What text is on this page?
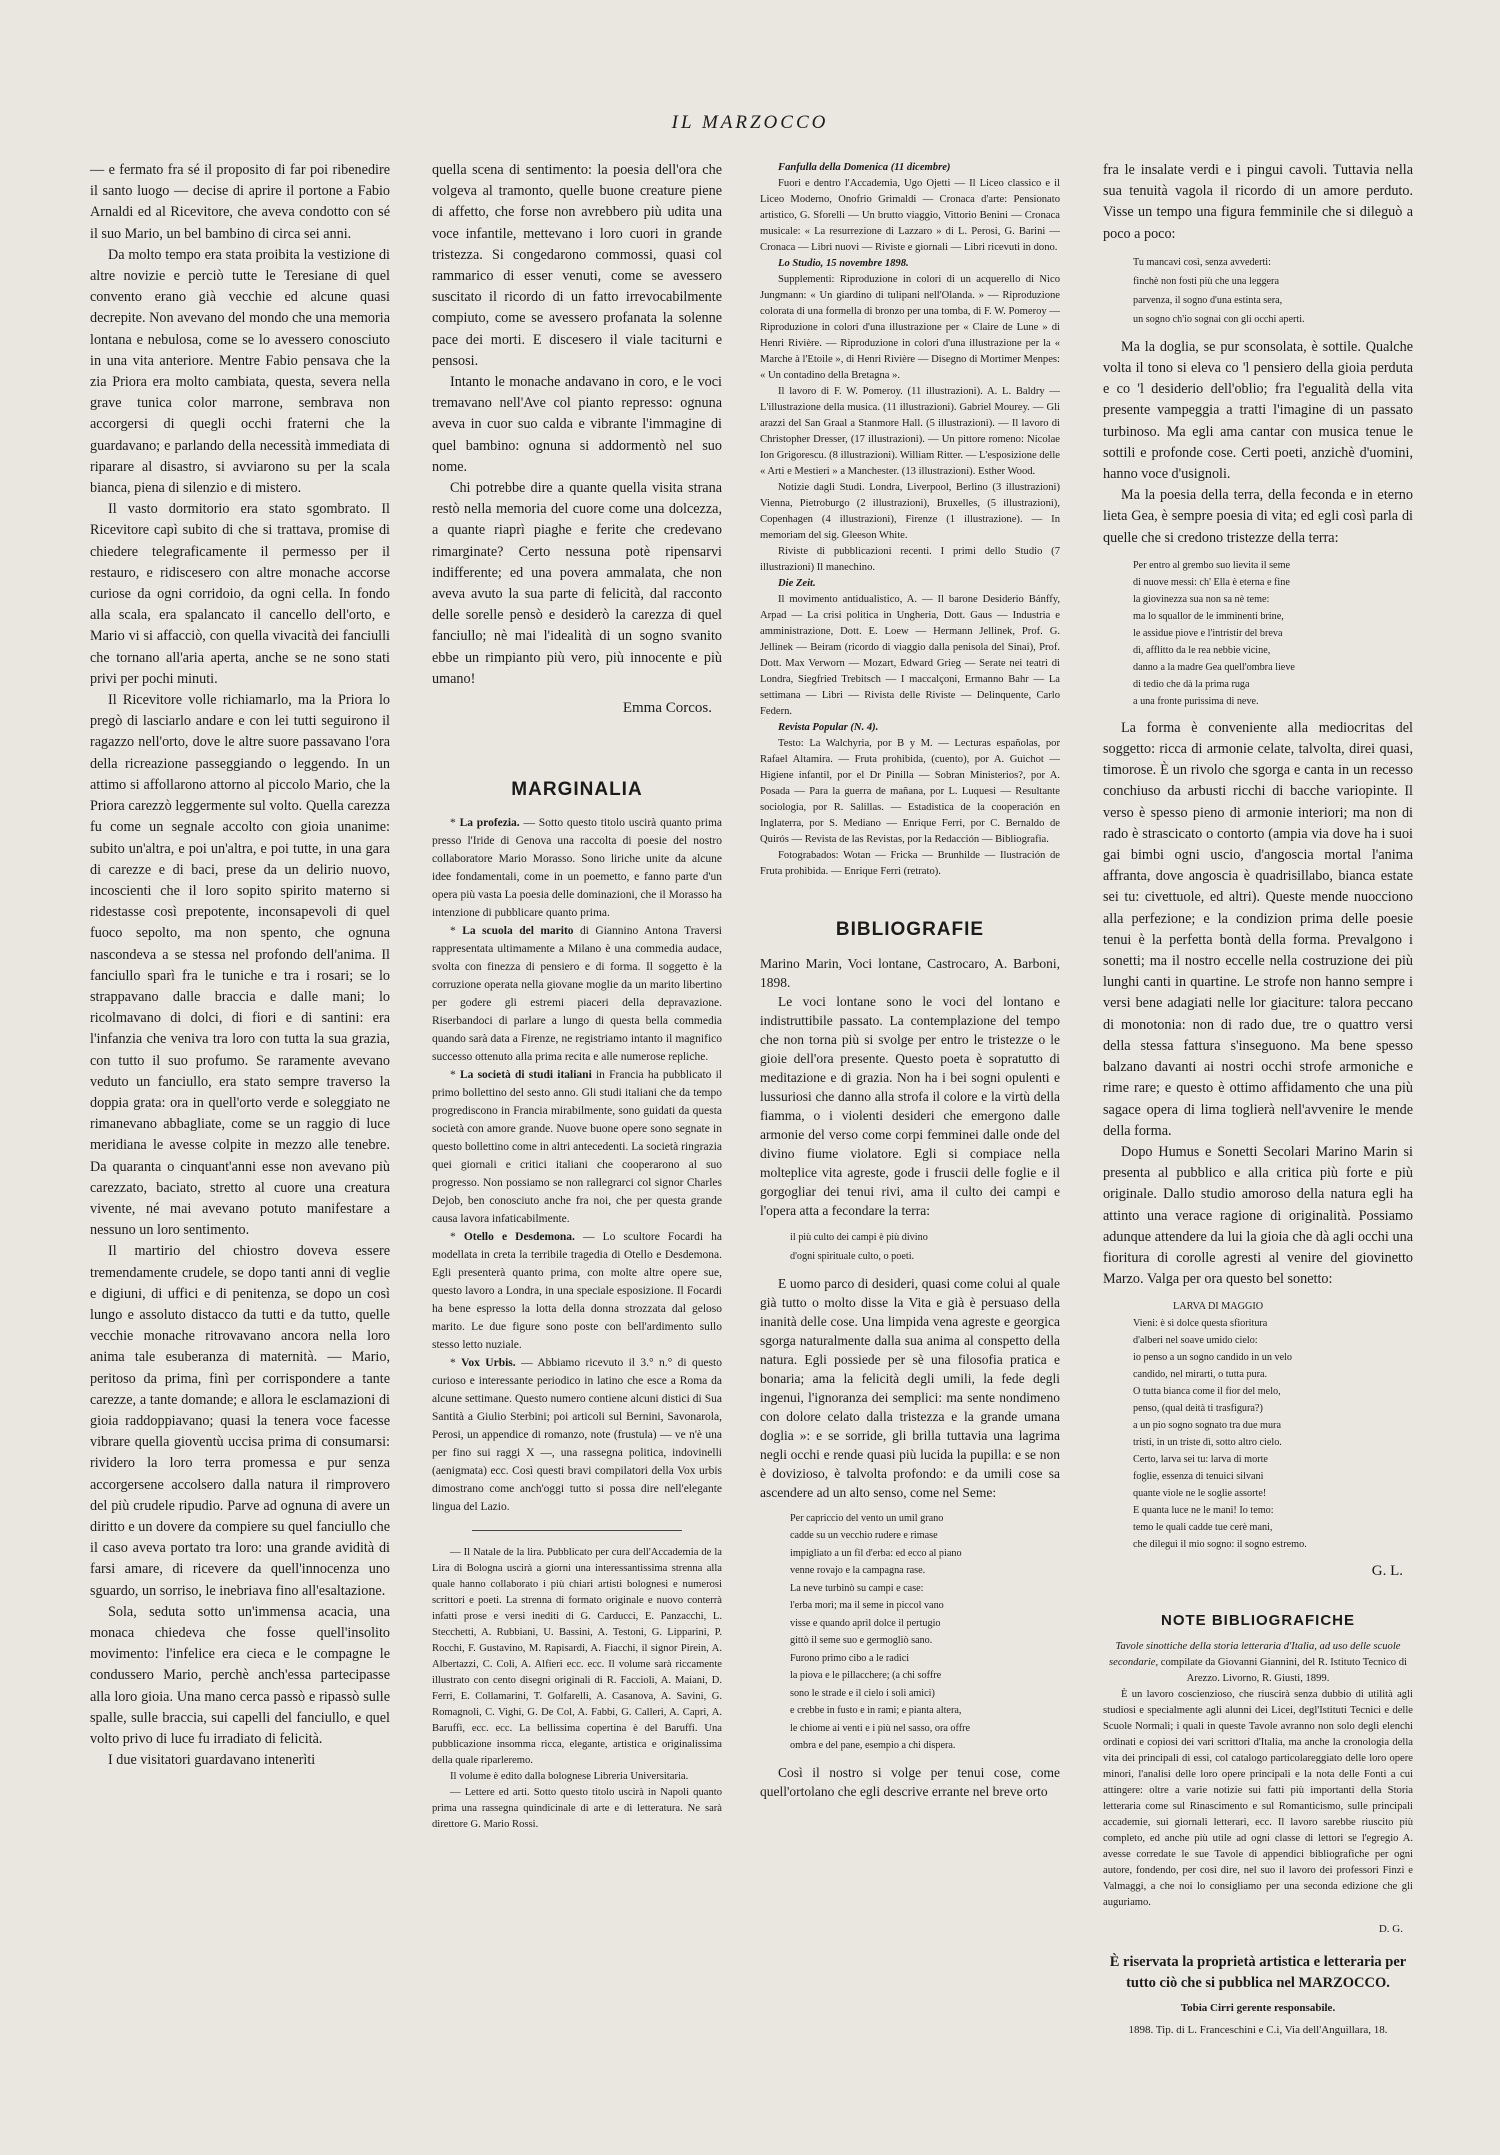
IL MARZOCCO

— e fermato fra sé il proposito di far poi ribenedire il santo luogo — decise di aprire il portone a Fabio Arnaldi ed al Ricevitore, che aveva condotto con sé il suo Mario, un bel bambino di circa sei anni.

Da molto tempo era stata proibita la vestizione di altre novizie e perciò tutte le Teresiane di quel convento erano già vecchie ed alcune quasi decrepite. Non avevano del mondo che una memoria lontana e nebulosa, come se lo avessero conosciuto in una vita anteriore. Mentre Fabio pensava che la zia Priora era molto cambiata, questa, severa nella grave tunica color marrone, sembrava non accorgersi di quegli occhi fraterni che la guardavano; e parlando della necessità immediata di riparare al disastro, si avviarono su per la scala bianca, piena di silenzio e di mistero.

Il vasto dormitorio era stato sgombrato. Il Ricevitore capì subito di che si trattava, promise di chiedere telegraficamente il permesso per il restauro, e ridiscesero con altre monache accorse curiose da ogni corridoio, da ogni cella. In fondo alla scala, era spalancato il cancello dell'orto, e Mario vi si affacciò, con quella vivacità dei fanciulli che tornano all'aria aperta, anche se ne sono stati privi per pochi minuti.

Il Ricevitore volle richiamarlo, ma la Priora lo pregò di lasciarlo andare e con lei tutti seguirono il ragazzo nell'orto, dove le altre suore passavano l'ora della ricreazione passeggiando o leggendo. In un attimo si affollarono attorno al piccolo Mario, che la Priora carezzò leggermente sul volto. Quella carezza fu come un segnale accolto con gioia unanime: subito un'altra, e poi un'altra, e poi tutte, in una gara di carezze e di baci, prese da un delirio nuovo, incoscienti che il loro sopito spirito materno si ridestasse così prepotente, inconsapevoli di quel fuoco sepolto, ma non spento, che ognuna nascondeva a se stessa nel profondo dell'anima. Il fanciullo sparì fra le tuniche e tra i rosari; se lo strappavano dalle braccia e dalle mani; lo ricolmavano di dolci, di fiori e di santini: era l'infanzia che veniva tra loro con tutta la sua grazia, con tutto il suo profumo. Se raramente avevano veduto un fanciullo, era stato sempre traverso la doppia grata: ora in quell'orto verde e soleggiato ne rimanevano abbagliate, come se un raggio di luce meridiana le avesse colpite in mezzo alle tenebre. Da quaranta o cinquant'anni esse non avevano più carezzato, baciato, stretto al cuore una creatura vivente, né mai avevano potuto manifestare a nessuno un loro sentimento.

Il martirio del chiostro doveva essere tremendamente crudele, se dopo tanti anni di veglie e digiuni, di uffici e di penitenza, se dopo un così lungo e assoluto distacco da tutti e da tutto, quelle vecchie monache ritrovavano ancora nella loro anima tale esuberanza di maternità. — Mario, peritoso da prima, finì per corrispondere a tante carezze, a tante domande; e allora le esclamazioni di gioia raddoppiavano; quasi la tenera voce facesse vibrare quella gioventù uccisa prima di consumarsi: rividero la loro terra promessa e pur senza accorgersene accolsero dalla natura il rimprovero del più crudele ripudio. Parve ad ognuna di avere un diritto e un dovere da compiere su quel fanciullo che il caso aveva portato tra loro: una grande avidità di farsi amare, di ricevere da quell'innocenza uno sguardo, un sorriso, le inebriava fino all'esaltazione.

Sola, seduta sotto un'immensa acacia, una monaca chiedeva che fosse quell'insolito movimento: l'infelice era cieca e le compagne le condussero Mario, perchè anch'essa partecipasse alla loro gioia. Una mano cerca passò e ripassò sulle spalle, sulle braccia, sui capelli del fanciullo, e quel volto privo di luce fu irradiato di felicità.

I due visitatori guardavano intenerìti

quella scena di sentimento: la poesia dell'ora che volgeva al tramonto, quelle buone creature piene di affetto, che forse non avrebbero più udita una voce infantile, mettevano i loro cuori in grande tristezza. Si congedarono commossi, quasi col rammarico di esser venuti, come se avessero suscitato il ricordo di un fatto irrevocabilmente compiuto, come se avessero profanata la solenne pace dei morti. E discesero il viale taciturni e pensosi.

Intanto le monache andavano in coro, e le voci tremavano nell'Ave col pianto represso: ognuna aveva in cuor suo calda e vibrante l'immagine di quel bambino: ognuna si addormentò nel suo nome.

Chi potrebbe dire a quante quella visita strana restò nella memoria del cuore come una dolcezza, a quante riaprì piaghe e ferite che credevano rimarginate? Certo nessuna potè ripensarvi indifferente; ed una povera ammalata, che non aveva avuto la sua parte di felicità, dal racconto delle sorelle pensò e desiderò la carezza di quel fanciullo; nè mai l'idealità di un sogno svanito ebbe un rimpianto più vero, più innocente e più umano!

Emma Corcos.
MARGINALIA

* La profezia. — Sotto questo titolo uscirà quanto prima presso l'Iride di Genova una raccolta di poesie del nostro collaboratore Mario Morasso. Sono liriche unite da alcune idee fondamentali, come in un poemetto, e fanno parte d'un opera più vasta La poesia delle dominazioni, che il Morasso ha intenzione di pubblicare quanto prima.

* La scuola del marito di Giannino Antona Traversi rappresentata ultimamente a Milano è una commedia audace, svolta con finezza di pensiero e di forma. Il soggetto è la corruzione operata nella giovane moglie da un marito libertino per godere gli estremi piaceri della depravazione. Riserbandoci di parlare a lungo di questa bella commedia quando sarà data a Firenze, ne registriamo intanto il magnifico successo ottenuto alla prima recita e alle numerose repliche.

* La società di studi italiani in Francia ha pubblicato il primo bollettino del sesto anno. Gli studi italiani che da tempo progrediscono in Francia mirabilmente, sono guidati da questa società con amore grande. Nuove buone opere sono segnate in questo bollettino come in altri antecedenti. La società ringrazia quei giornali e critici italiani che cooperarono al suo progresso. Non possiamo se non rallegrarci col signor Charles Dejob, ben conosciuto anche fra noi, che per questa grande causa lavora infaticabilmente.

* Otello e Desdemona. — Lo scultore Focardi ha modellata in creta la terribile tragedia di Otello e Desdemona. Egli presenterà quanto prima, con molte altre opere sue, questo lavoro a Londra, in una speciale esposizione. Il Focardi ha bene espresso la lotta della donna strozzata dal geloso marito. Le due figure sono poste con bell'ardimento sullo stesso letto nuziale.

* Vox Urbis. — Abbiamo ricevuto il 3.° n.° di questo curioso e interessante periodico in latino che esce a Roma da alcune settimane. Questo numero contiene alcuni distici di Sua Santità a Giulio Sterbini; poi articoli sul Bernini, Savonarola, Perosi, un appendice di romanzo, note (frustula) — ve n'è una per fino sui raggi X —, una rassegna politica, indovinelli (aenigmata) ecc. Così questi bravi compilatori della Vox urbis dimostrano come anch'oggi tutto si possa dire nell'elegante lingua del Lazio.

— Il Natale de la lira. Pubblicato per cura dell'Accademia de la Lira di Bologna uscirà a giorni una interessantissima strenna alla quale hanno collaborato i più chiari artisti bolognesi e numerosi scrittori e poeti. La strenna di formato originale e nuovo conterrà infatti prose e versi inediti di G. Carducci, E. Panzacchi, L. Stecchetti, A. Rubbiani, U. Bassini, A. Testoni, G. Lipparini, P. Rocchi, F. Gustavino, M. Rapisardi, A. Fiacchi, il signor Pirein, A. Albertazzi, C. Coli, A. Alfieri ecc. ecc. Il volume sarà riccamente illustrato con cento disegni originali di R. Faccioli, A. Maiani, D. Ferri, E. Collamarini, T. Golfarelli, A. Casanova, A. Savini, G. Romagnoli, C. Vighi, G. De Col, A. Fabbi, G. Calleri, A. Capri, A. Baruffi, ecc. ecc. La bellissima copertina è del Baruffi. Una pubblicazione insomma ricca, elegante, artistica e originalissima della quale riparleremo.

Il volume è edito dalla bolognese Libreria Universitaria.

— Lettere ed arti. Sotto questo titolo uscirà in Napoli quanto prima una rassegna quindicinale di arte e di letteratura. Ne sarà direttore G. Mario Rossi.

Fanfulla della Domenica (11 dicembre)

Fuori e dentro l'Accademia, Ugo Ojetti — Il Liceo classico e il Liceo Moderno, Onofrio Grimaldi — Cronaca d'arte: Pensionato artistico, G. Sforelli — Un brutto viaggio, Vittorio Benini — Cronaca musicale: « La resurrezione di Lazzaro » di L. Perosi, G. Barini — Cronaca — Libri nuovi — Riviste e giornali — Libri ricevuti in dono.

Lo Studio, 15 novembre 1898.

Supplementi: Riproduzione in colori di un acquerello di Nico Jungmann: « Un giardino di tulipani nell'Olanda. » — Riproduzione colorata di una formella di bronzo per una tomba, di F. W. Pomeroy — Riproduzione in colori d'una illustrazione per « Claire de Lune » di Henri Rivière. — Riproduzione in colori d'una illustrazione per la « Marche à l'Etoile », di Henri Rivière — Disegno di Mortimer Menpes: « Un contadino della Bretagna ».

Il lavoro di F. W. Pomeroy. (11 illustrazioni). A. L. Baldry — L'illustrazione della musica. (11 illustrazioni). Gabriel Mourey. — Gli arazzi del San Graal a Stanmore Hall. (5 illustrazioni). — Il lavoro di Christopher Dresser, (17 illustrazioni). — Un pittore romeno: Nicolae Ion Grigorescu. (8 illustrazioni). William Ritter. — L'esposizione delle « Arti e Mestieri » a Manchester. (13 illustrazioni). Esther Wood.

Notizie dagli Studi. Londra, Liverpool, Berlino (3 illustrazioni) Vienna, Pietroburgo (2 illustrazioni), Bruxelles, (5 illustrazioni), Copenhagen (4 illustrazioni), Firenze (1 illustrazione). — In memoriam del sig. Gleeson White.

Riviste di pubblicazioni recenti. I primi dello Studio (7 illustrazioni) Il manechino.

Die Zeit.

Il movimento antidualistico, A. — Il barone Desiderio Bánffy, Arpad — La crisi politica in Ungheria, Dott. Gaus — Industria e amministrazione, Dott. E. Loew — Hermann Jellinek, Prof. G. Jellinek — Beiram (ricordo di viaggio dalla penisola del Sinai), Prof. Dott. Max Verworn — Mozart, Edward Grieg — Serate nei teatri di Londra, Siegfried Trebitsch — I maccalçoni, Ermanno Bahr — La settimana — Libri — Rivista delle Riviste — Delinquente, Carlo Federn.

Revista Popular (N. 4).

Testo: La Walchyria, por B y M. — Lecturas españolas, por Rafael Altamira. — Fruta prohibida, (cuento), por A. Guichot — Higiene infantil, por el Dr Pinilla — Sobran Ministerios?, por A. Posada — Para la guerra de mañana, por L. Luquesi — Resultante sociologia, por R. Salillas. — Estadistica de la cooperación en Inglaterra, por S. Mediano — Enrique Ferri, por C. Bernaldo de Quirós — Revista de las Revistas, por la Redacción — Bibliografia.

Fotograbados: Wotan — Fricka — Brunhilde — Ilustración de Fruta prohibida. — Enrique Ferri (retrato).

BIBLIOGRAFIE

Marino Marin, Voci lontane, Castrocaro, A. Barboni, 1898.

Le voci lontane sono le voci del lontano e indistruttibile passato. La contemplazione del tempo che non torna più si svolge per entro le tristezze o le gioie dell'ora presente. Questo poeta è sopratutto di meditazione e di grazia. Non ha i bei sogni opulenti e lussuriosi che danno alla strofa il colore e la virtù della fiamma, o i violenti desideri che emergono dalle armonie del verso come corpi femminei dalle onde del divino fiume violatore. Egli si compiace nella molteplice vita agreste, gode i fruscii delle foglie e il gorgogliar dei tenui rivi, ama il culto dei campi e l'opera atta a fecondare la terra:

il più culto dei campi è più divino
d'ogni spirituale culto, o poeti.

E uomo parco di desideri, quasi come colui al quale già tutto o molto disse la Vita e già è persuaso della inanità delle cose. Una limpida vena agreste e georgica sgorga naturalmente dalla sua anima al conspetto della natura. Egli possiede per sè una filosofia pratica e bonaria; ama la felicità degli umili, la fede degli ingenui, l'ignoranza dei semplici: ma sente nondimeno con dolore celato dalla tristezza e la grande umana doglia »: e se sorride, gli brilla tuttavia una lagrima negli occhi e rende quasi più lucida la pupilla: e se non è dovizioso, è talvolta profondo: e da umili cose sa ascendere ad un alto senso, come nel Seme:

Per capriccio del vento un umil grano
cadde su un vecchio rudere e rimase
impigliato a un fil d'erba: ed ecco al piano
venne rovajo e la campagna rase.
La neve turbinò su campi e case:
l'erba morì; ma il seme in piccol vano
visse e quando aprìl dolce il pertugio
gittò il seme suo e germogliò sano.
Furono primo cibo a le radici
la piova e le pillacchere; (a chi soffre
sono le strade e il cielo i soli amici)
e crebbe in fusto e in rami; e pianta altera,
le chiome ai venti e i più nel sasso, ora offre
ombra e del pane, esempio a chi dispera.

Così il nostro si volge per tenui cose, come quell'ortolano che egli descrive errante nel breve orto

fra le insalate verdi e i pingui cavoli. Tuttavia nella sua tenuità vagola il ricordo di un amore perduto. Visse un tempo una figura femminile che si dileguò a poco a poco:

Tu mancavi così, senza avvederti:
finchè non fosti più che una leggera
parvenza, il sogno d'una estinta sera,
un sogno ch'io sognai con gli occhi aperti.

Ma la doglia, se pur sconsolata, è sottile. Qualche volta il tono si eleva co 'l pensiero della gioia perduta e co 'l desiderio dell'oblio; fra l'egualità della vita presente vampeggia a tratti l'imagine di un passato turbinoso. Ma egli ama cantar con musica tenue le sottili e profonde cose. Certi poeti, anzichè d'uomini, hanno voce d'usignoli.

Ma la poesia della terra, della feconda e in eterno lieta Gea, è sempre poesia di vita; ed egli così parla di quelle che si credono tristezze della terra:

Per entro al grembo suo lievita il seme
di nuove messi: ch' Ella è eterna e fine
la giovinezza sua non sa nè teme:
ma lo squallor de le imminenti brine,
le assidue piove e l'intristir del breva
dì, afflitto da le rea nebbie vicine,
danno a la madre Gea quell'ombra lieve
di tedio che dà la prima ruga
a una fronte purissima di neve.

La forma è conveniente alla mediocritas del soggetto: ricca di armonie celate, talvolta, direi quasi, timorose. È un rivolo che sgorga e canta in un recesso conchiuso da arbusti ricchi di bacche variopinte. Il verso è spesso pieno di armonie interiori; ma non di rado è strascicato o contorto (ampia via dove ha i suoi gai bimbi ogni uscio, d'angoscia mortal l'anima affranta, dove angoscia è quadrisillabo, bianca estate sei tu: civettuole, ed altri). Queste mende nuocciono alla perfezione; e la condizion prima delle poesie tenui è la perfetta bontà della forma. Prevalgono i sonetti; ma il nostro eccelle nella costruzione dei più lunghi canti in quartine. Le strofe non hanno sempre i versi bene adagiati nelle lor giaciture: talora peccano di monotonia: non di rado due, tre o quattro versi della stessa fattura s'inseguono. Ma bene spesso balzano davanti ai nostri occhi strofe armoniche e rime rare; e questo è ottimo affidamento che una più sagace opera di lima toglierà nell'avvenire le mende della forma.

Dopo Humus e Sonetti Secolari Marino Marin si presenta al pubblico e alla critica più forte e più originale. Dallo studio amoroso della natura egli ha attinto una verace ragione di originalità. Possiamo adunque attendere da lui la gioia che dà agli occhi una fioritura di corolle agresti al venire del giovinetto Marzo. Valga per ora questo bel sonetto:

LARVA DI MAGGIO
Vieni: è sì dolce questa sfioritura
d'alberi nel soave umido cielo:
io penso a un sogno candido in un velo
candido, nel mirarti, o tutta pura.
O tutta bianca come il fior del melo,
penso, (qual deità ti trasfigura?)
a un pio sogno sognato tra due mura
tristi, in un triste dì, sotto altro cielo.
Certo, larva sei tu: larva di morte
foglie, essenza di tenuici silvani
quante viole ne le soglie assorte!
E quanta luce ne le mani! Io temo:
temo le quali cadde tue cerè mani,
che dileguì il mio sogno: il sogno estremo.
G. L.
NOTE BIBLIOGRAFICHE

Tavole sinottiche della storia letteraria d'Italia, ad uso delle scuole secondarie, compilate da Giovanni Giannini, del R. Istituto Tecnico di Arezzo. Livorno, R. Giusti, 1899.

È un lavoro coscienzioso, che riuscirà senza dubbio di utilità agli studiosi e specialmente agli alunni dei Licei, degl'Istituti Tecnici e delle Scuole Normali; i quali in queste Tavole avranno non solo degli elenchi ordinati e copiosi dei vari scrittori d'Italia, ma anche la cronologia della vita dei principali di essi, col catalogo particolareggiato delle loro opere minori, l'analisi delle loro opere principali e la nota delle Fonti a cui attingere: oltre a varie notizie sui fatti più importanti della Storia letteraria come sul Rinascimento e sul Romanticismo, sulle principali accademie, sui giornali letterari, ecc. Il lavoro sarebbe riuscito più completo, ed anche più utile ad ogni classe di lettori se l'egregio A. avesse corredate le sue Tavole di appendici bibliografiche per ogni autore, fondendo, per così dire, nel suo il lavoro dei professori Finzi e Valmaggi, a che noi lo consigliamo per una seconda edizione che gli auguriamo.

D. G.

È riservata la proprietà artistica e letteraria per tutto ciò che si pubblica nel MARZOCCO.

Tobia Cirri gerente responsabile.

1898. Tip. di L. Franceschini e C.i, Via dell'Anguillara, 18.
